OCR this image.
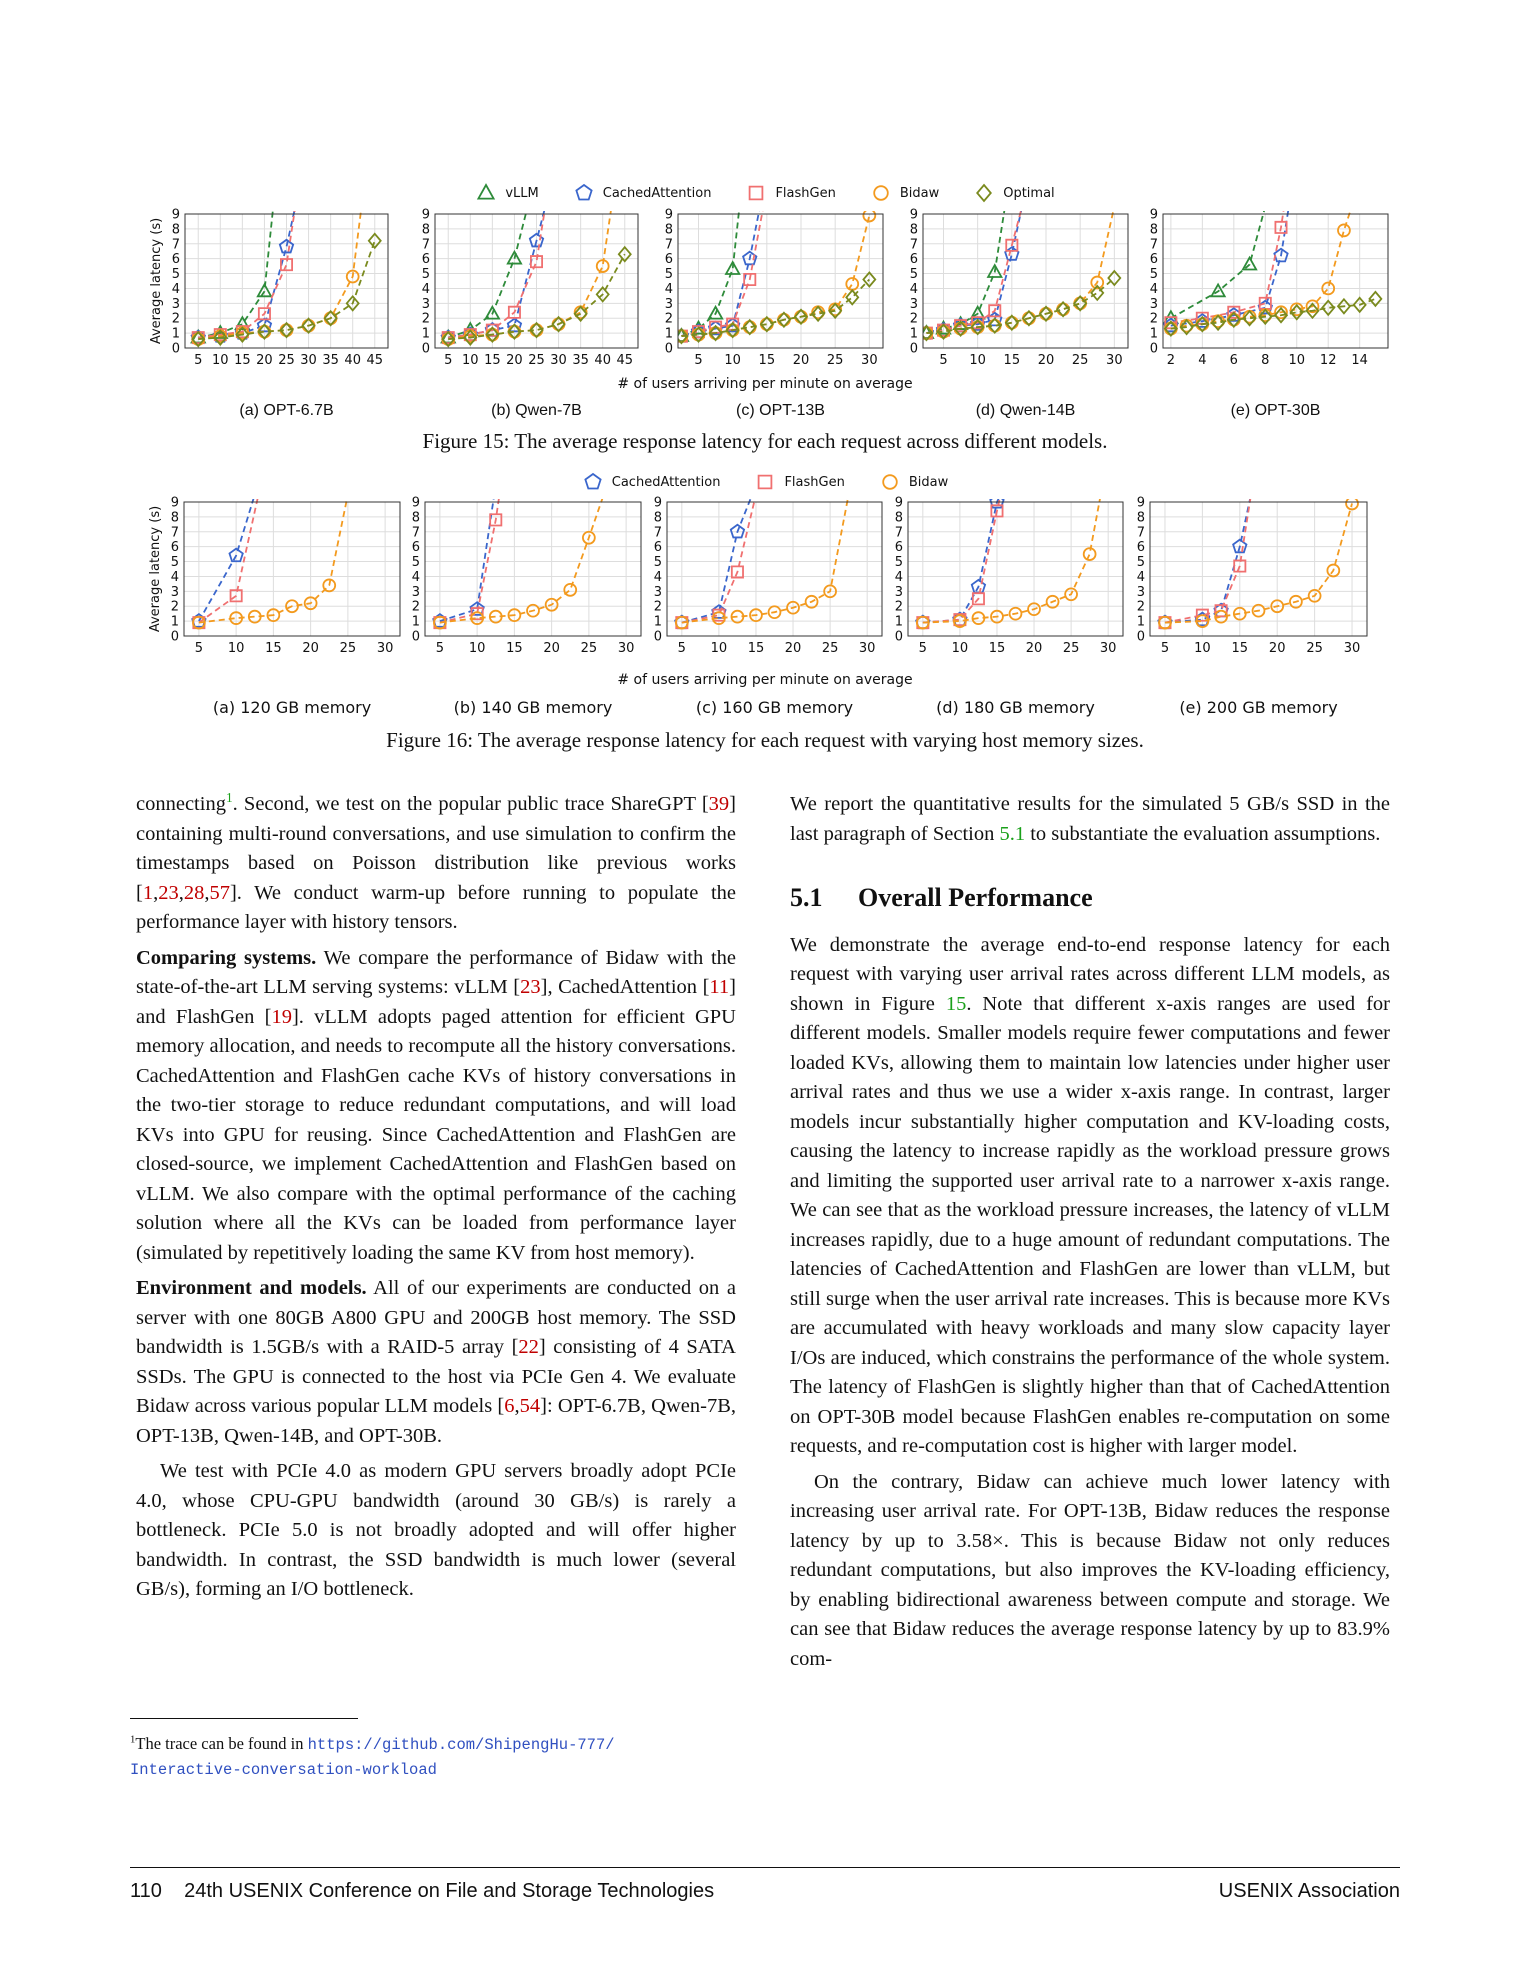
vLLM	CachedAttention	FlashGen	Bidaw	Optimal
0
1
2
3
4
5
6
7
8
9
5 10 15 20 25 30 35 40 45
Average latency (s)
0
1
2
3
4
5
6
7
8
9
5 10 15 20 25 30 35 40 45
0
1
2
3
4
5
6
7
8
9
5 10 15 20 25 30
0
1
2
3
4
5
6
7
8
9
5 10 15 20 25 30
0
1
2
3
4
5
6
7
8
9
2 4 6 8 10 12 14
# of users arriving per minute on average
(a) OPT-6.7B	(b) Qwen-7B	(c) OPT-13B	(d) Qwen-14B	(e) OPT-30B
Figure 15: The average response latency for each request across different models.
CachedAttention	FlashGen	Bidaw
0
1
2
3
4
5
6
7
8
9
5 10 15 20 25 30
Average latency (s)
0
1
2
3
4
5
6
7
8
9
5 10 15 20 25 30
0
1
2
3
4
5
6
7
8
9
5 10 15 20 25 30
0
1
2
3
4
5
6
7
8
9
5 10 15 20 25 30
0
1
2
3
4
5
6
7
8
9
5 10 15 20 25 30
# of users arriving per minute on average
(a) 120 GB memory	(b) 140 GB memory	(c) 160 GB memory	(d) 180 GB memory	(e) 200 GB memory
Figure 16: The average response latency for each request with varying host memory sizes.

connecting$^1$. Second, we test on the popular public trace ShareGPT [39] containing multi-round conversations, and use simulation to confirm the timestamps based on Poisson distribution like previous works [1,23,28,57]. We conduct warm-up before running to populate the performance layer with history tensors.

Comparing systems. We compare the performance of Bidaw with the state-of-the-art LLM serving systems: vLLM [23], CachedAttention [11] and FlashGen [19]. vLLM adopts paged attention for efficient GPU memory allocation, and needs to recompute all the history conversations. CachedAttention and FlashGen cache KVs of history conversations in the two-tier storage to reduce redundant computations, and will load KVs into GPU for reusing. Since CachedAttention and FlashGen are closed-source, we implement CachedAttention and FlashGen based on vLLM. We also compare with the optimal performance of the caching solution where all the KVs can be loaded from performance layer (simulated by repetitively loading the same KV from host memory).

Environment and models. All of our experiments are conducted on a server with one 80GB A800 GPU and 200GB host memory. The SSD bandwidth is 1.5GB/s with a RAID-5 array [22] consisting of 4 SATA SSDs. The GPU is connected to the host via PCIe Gen 4. We evaluate Bidaw across various popular LLM models [6,54]: OPT-6.7B, Qwen-7B, OPT-13B, Qwen-14B, and OPT-30B.

We test with PCIe 4.0 as modern GPU servers broadly adopt PCIe 4.0, whose CPU-GPU bandwidth (around 30 GB/s) is rarely a bottleneck. PCIe 5.0 is not broadly adopted and will offer higher bandwidth. In contrast, the SSD bandwidth is much lower (several GB/s), forming an I/O bottleneck.

We report the quantitative results for the simulated 5 GB/s SSD in the last paragraph of Section 5.1 to substantiate the evaluation assumptions.

5.1 Overall Performance

We demonstrate the average end-to-end response latency for each request with varying user arrival rates across different LLM models, as shown in Figure 15. Note that different x-axis ranges are used for different models. Smaller models require fewer computations and fewer loaded KVs, allowing them to maintain low latencies under higher user arrival rates and thus we use a wider x-axis range. In contrast, larger models incur substantially higher computation and KV-loading costs, causing the latency to increase rapidly as the workload pressure grows and limiting the supported user arrival rate to a narrower x-axis range. We can see that as the workload pressure increases, the latency of vLLM increases rapidly, due to a huge amount of redundant computations. The latencies of CachedAttention and FlashGen are lower than vLLM, but still surge when the user arrival rate increases. This is because more KVs are accumulated with heavy workloads and many slow capacity layer I/Os are induced, which constrains the performance of the whole system. The latency of FlashGen is slightly higher than that of CachedAttention on OPT-30B model because FlashGen enables re-computation on some requests, and re-computation cost is higher with larger model.

On the contrary, Bidaw can achieve much lower latency with increasing user arrival rate. For OPT-13B, Bidaw reduces the response latency by up to 3.58×. This is because Bidaw not only reduces redundant computations, but also improves the KV-loading efficiency, by enabling bidirectional awareness between compute and storage. We can see that Bidaw reduces the average response latency by up to 83.9% com-

$^1$The trace can be found in https://github.com/ShipengHu-777/
Interactive-conversation-workload
110    24th USENIX Conference on File and Storage Technologies	USENIX Association
